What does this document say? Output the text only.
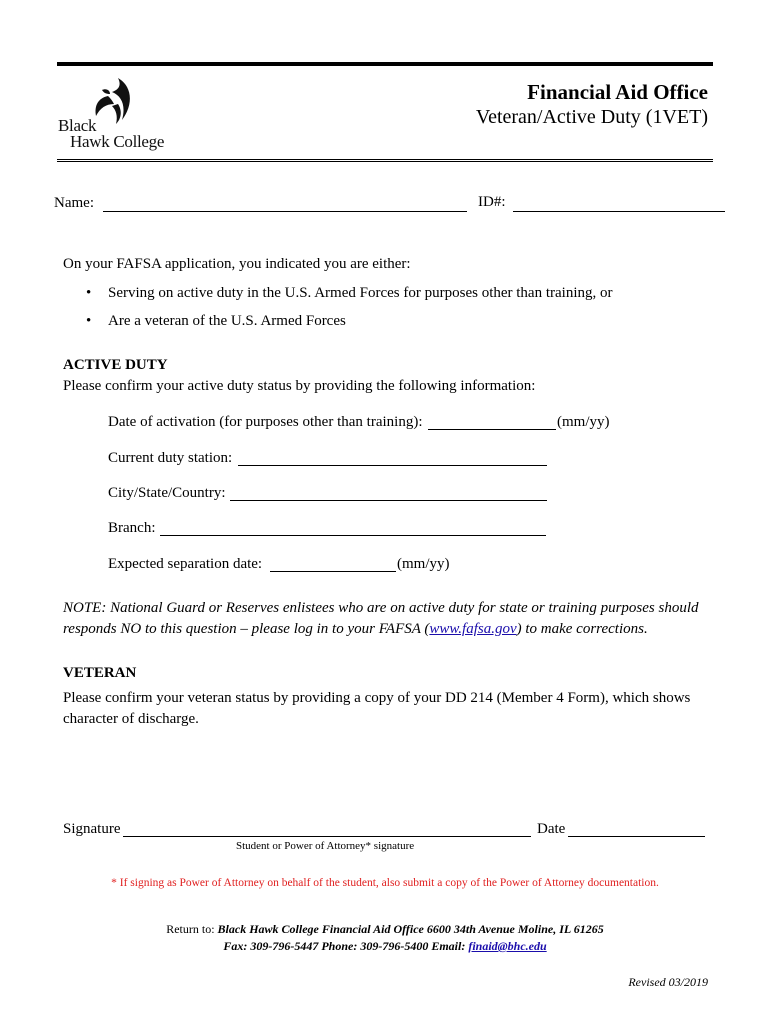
Black
Hawk College
Financial Aid Office
Veteran/Active Duty (1VET)
Name:	ID#:
On your FAFSA application, you indicated you are either:
• Serving on active duty in the U.S. Armed Forces for purposes other than training, or
• Are a veteran of the U.S. Armed Forces
ACTIVE DUTY
Please confirm your active duty status by providing the following information:
Date of activation (for purposes other than training):	(mm/yy)
Current duty station:
City/State/Country:
Branch:
Expected separation date:	(mm/yy)
NOTE: National Guard or Reserves enlistees who are on active duty for state or training purposes should
responds NO to this question – please log in to your FAFSA (www.fafsa.gov) to make corrections.
VETERAN
Please confirm your veteran status by providing a copy of your DD 214 (Member 4 Form), which shows
character of discharge.
Signature	Date
Student or Power of Attorney* signature
* If signing as Power of Attorney on behalf of the student, also submit a copy of the Power of Attorney documentation.
Return to: Black Hawk College Financial Aid Office 6600 34th Avenue Moline, IL 61265
Fax: 309-796-5447 Phone: 309-796-5400 Email: finaid@bhc.edu
Revised 03/2019
